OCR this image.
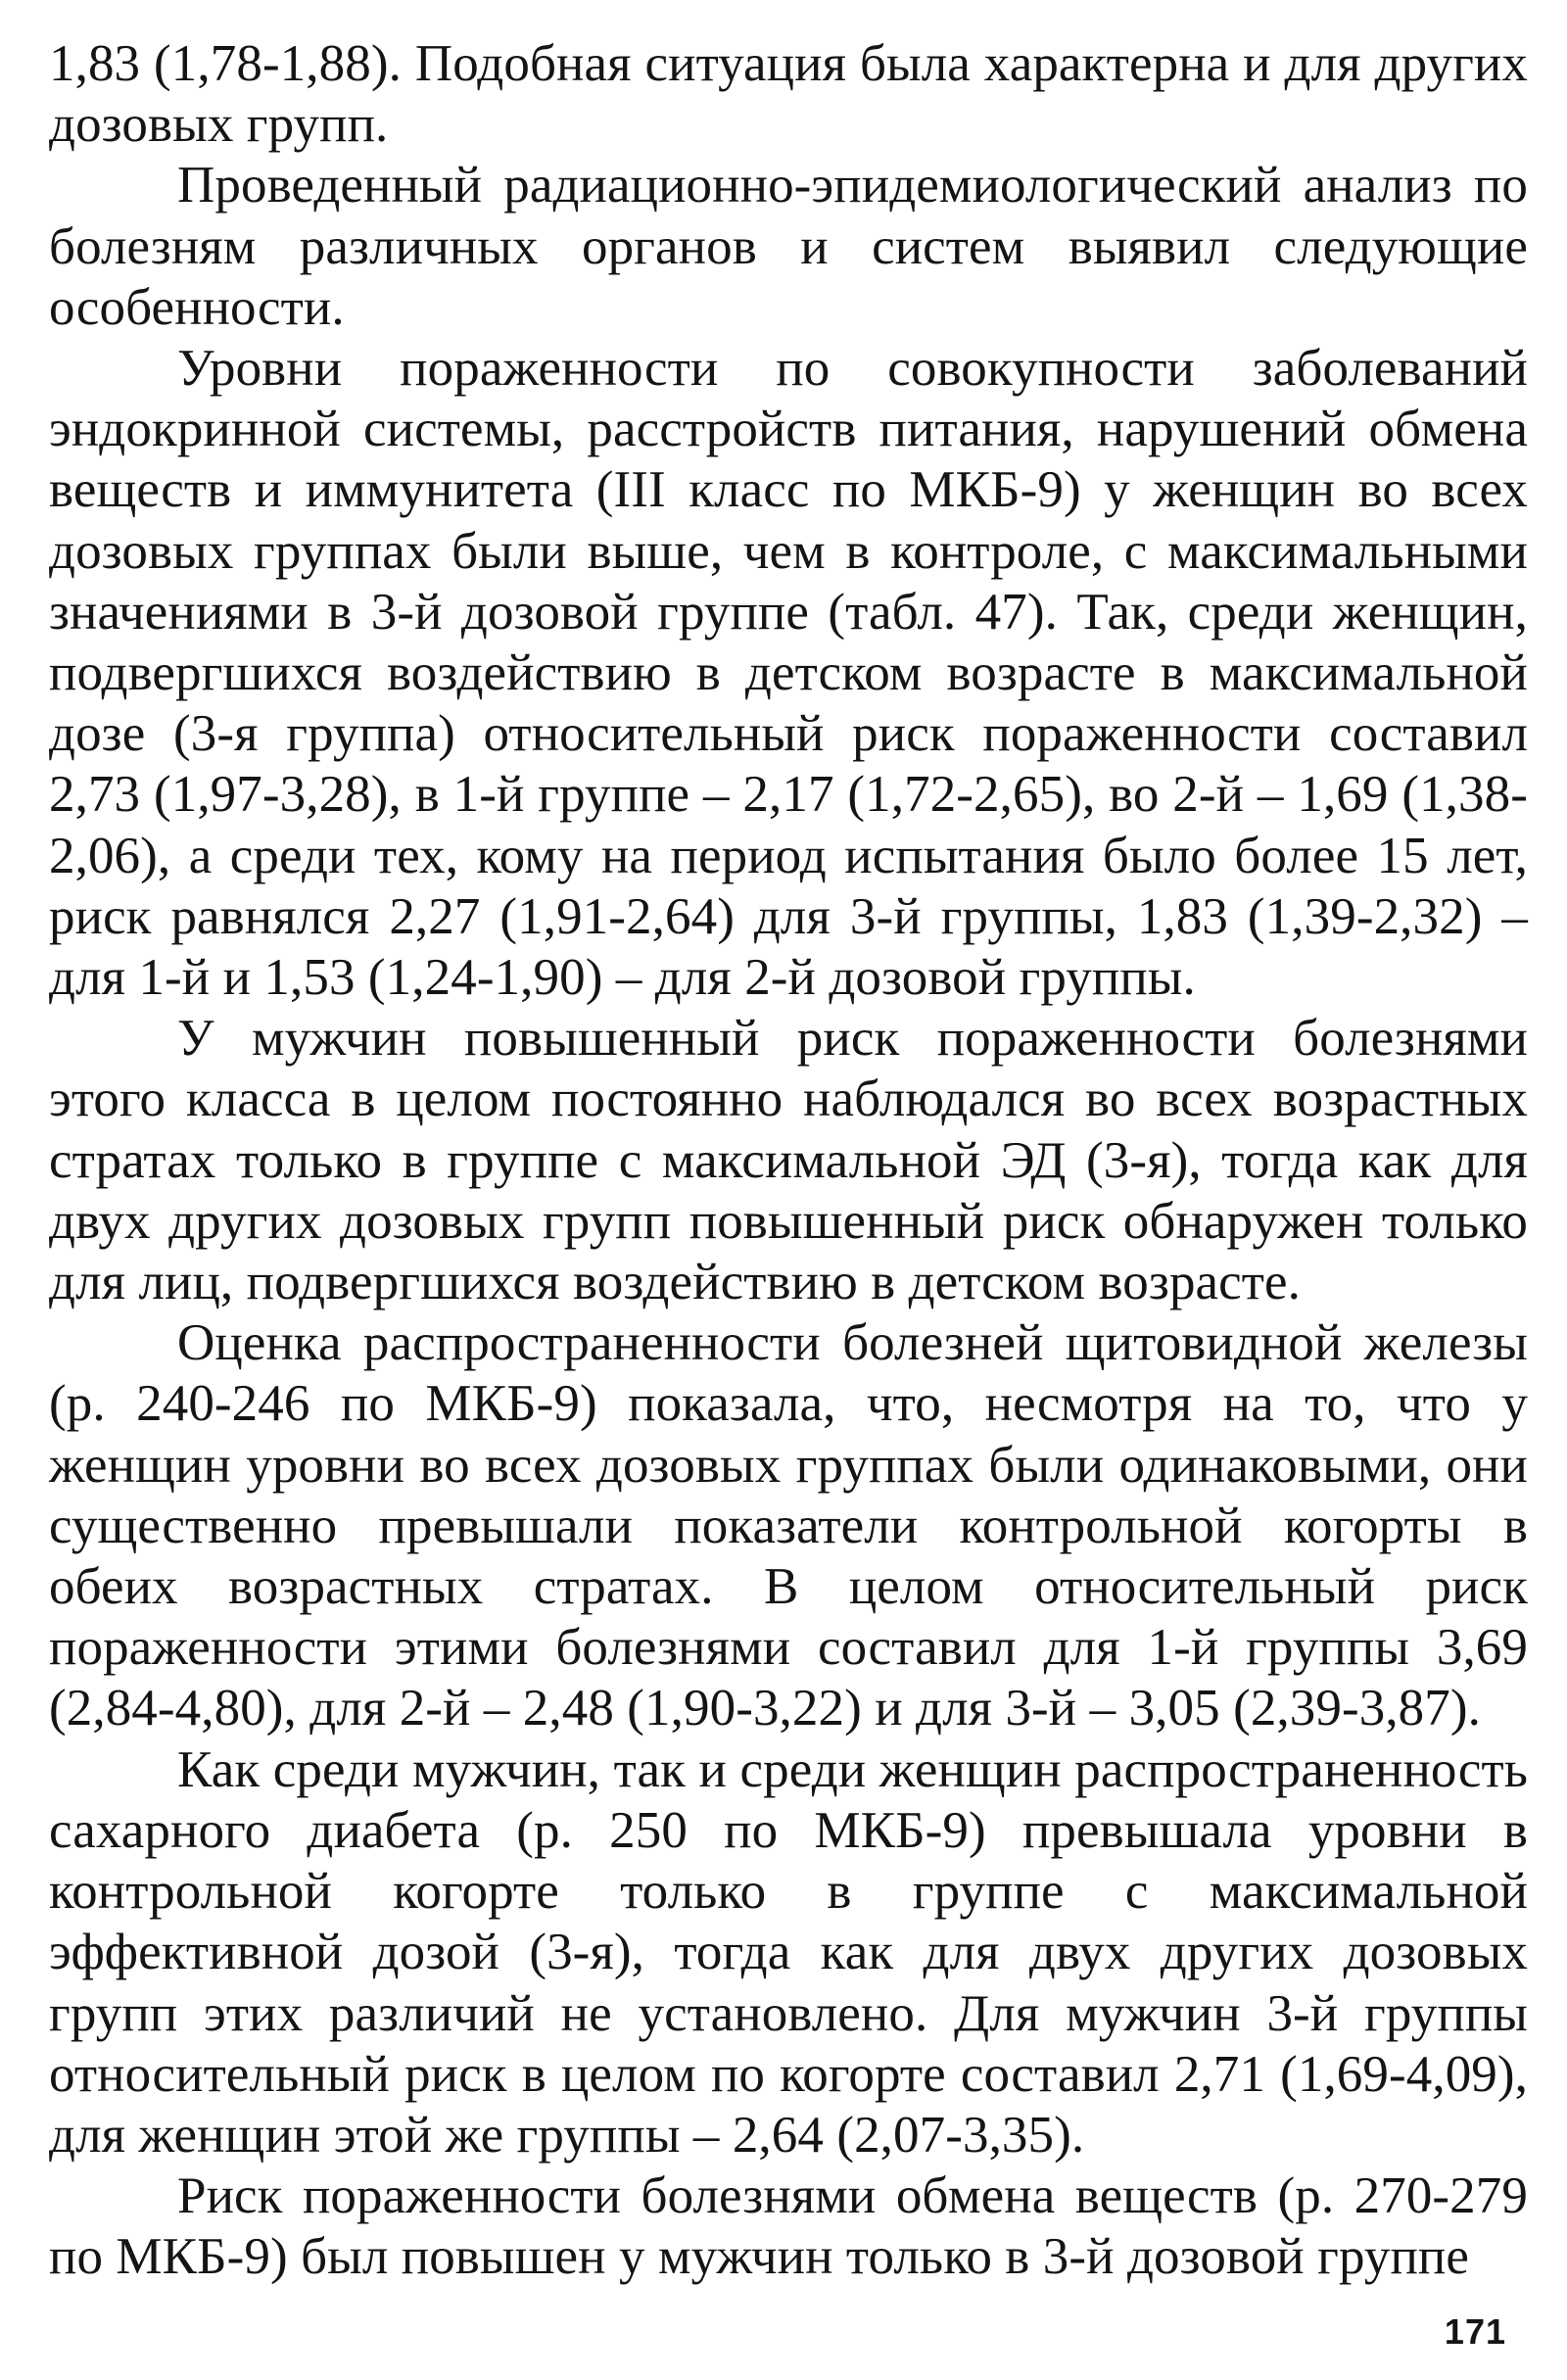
1,83 (1,78-1,88). Подобная ситуация была характерна и для других дозовых групп.

Проведенный радиационно-эпидемиологический анализ по болезням различных органов и систем выявил следующие особенности.

Уровни пораженности по совокупности заболеваний эндокринной системы, расстройств питания, нарушений обмена веществ и иммунитета (III класс по МКБ-9) у женщин во всех дозовых группах были выше, чем в контроле, с максимальными значениями в 3-й дозовой группе (табл. 47). Так, среди женщин, подвергшихся воздействию в детском возрасте в максимальной дозе (3-я группа) относительный риск пораженности составил 2,73 (1,97-3,28), в 1-й группе – 2,17 (1,72-2,65), во 2-й – 1,69 (1,38-2,06), а среди тех, кому на период испытания было более 15 лет, риск равнялся 2,27 (1,91-2,64) для 3-й группы, 1,83 (1,39-2,32) – для 1-й и 1,53 (1,24-1,90) – для 2-й дозовой группы.

У мужчин повышенный риск пораженности болезнями этого класса в целом постоянно наблюдался во всех возрастных стратах только в группе с максимальной ЭД (3-я), тогда как для двух других дозовых групп повышенный риск обнаружен только для лиц, подвергшихся воздействию в детском возрасте.

Оценка распространенности болезней щитовидной железы (р. 240-246 по МКБ-9) показала, что, несмотря на то, что у женщин уровни во всех дозовых группах были одинаковыми, они существенно превышали показатели контрольной когорты в обеих возрастных стратах. В целом относительный риск пораженности этими болезнями составил для 1-й группы 3,69 (2,84-4,80), для 2-й – 2,48 (1,90-3,22) и для 3-й – 3,05 (2,39-3,87).

Как среди мужчин, так и среди женщин распространенность сахарного диабета (р. 250 по МКБ-9) превышала уровни в контрольной когорте только в группе с максимальной эффективной дозой (3-я), тогда как для двух других дозовых групп этих различий не установлено. Для мужчин 3-й группы относительный риск в целом по когорте составил 2,71 (1,69-4,09), для женщин этой же группы – 2,64 (2,07-3,35).

Риск пораженности болезнями обмена веществ (р. 270-279 по МКБ-9) был повышен у мужчин только в 3-й дозовой группе

171
